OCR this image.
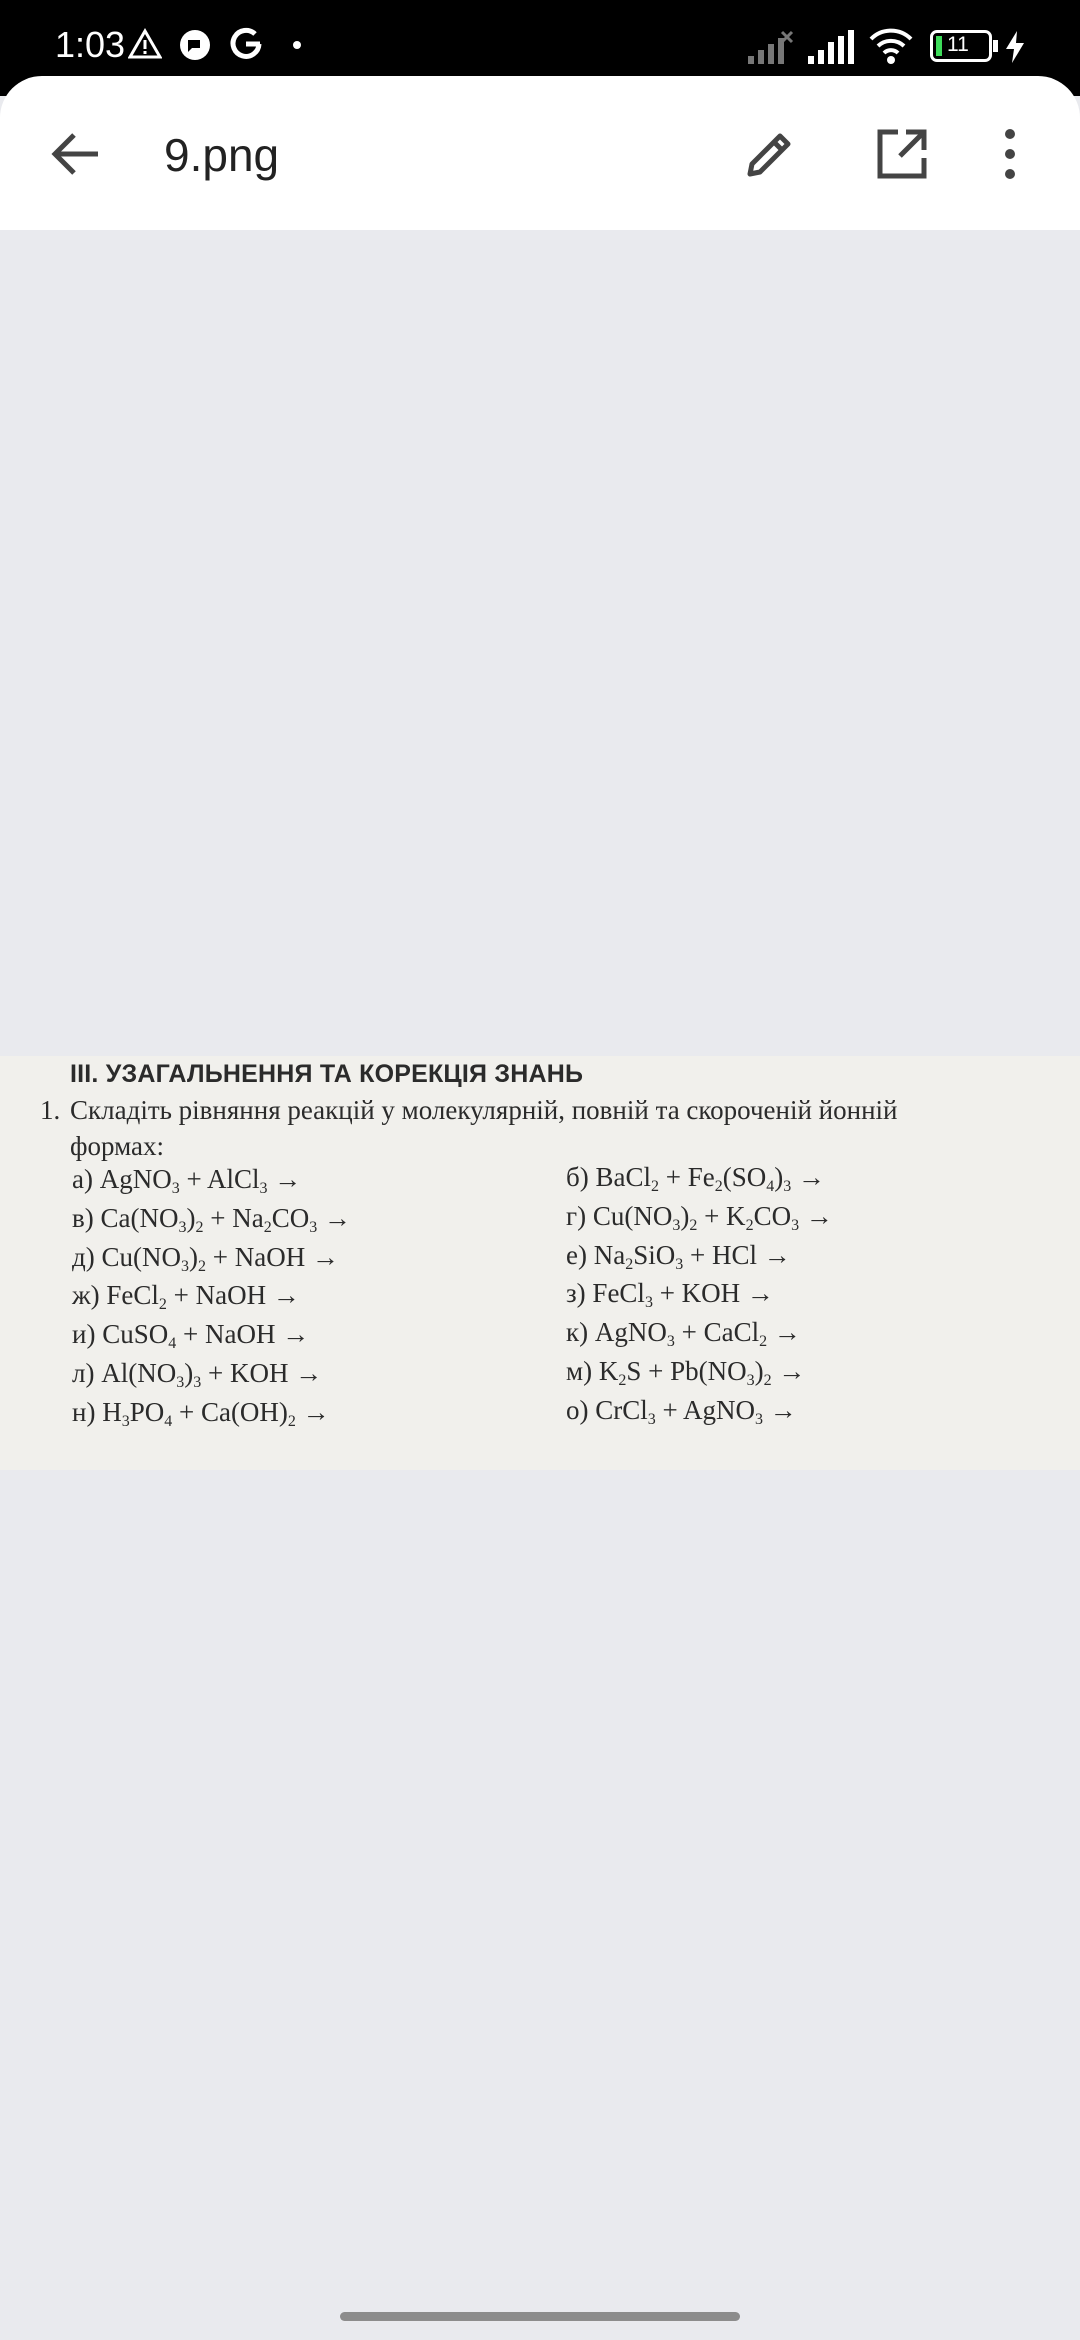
1:03	11
9.png
III. УЗАГАЛЬНЕННЯ ТА КОРЕКЦІЯ ЗНАНЬ
1. Складіть рівняння реакцій у молекулярній, повній та скороченій йонній
формах:
а) AgNO$_3$ + AlCl$_3$ →
в) $Ca(NO_3)_2 + Na_2CO_3$ →
д) $Cu(NO_3)_2$ + NaOH →
ж) FeCl$_2$ + NaOH →
и) CuSO$_4$ + NaOH →
л) $Al(NO_3)_3$ + KOH →
н) $H_3PO_4 + Ca(OH)_2$ →
б) BaCl$_2$ + $Fe_2(SO_4)_3$ →
г) $Cu(NO_3)_2 + K_2CO_3$ →
е) $Na_2SiO_3$ + HCl →
з) FeCl$_3$ + KOH →
к) AgNO$_3$ + CaCl$_2$ →
м) $K_2S + Pb(NO_3)_2$ →
о) CrCl$_3$ + AgNO$_3$ →
